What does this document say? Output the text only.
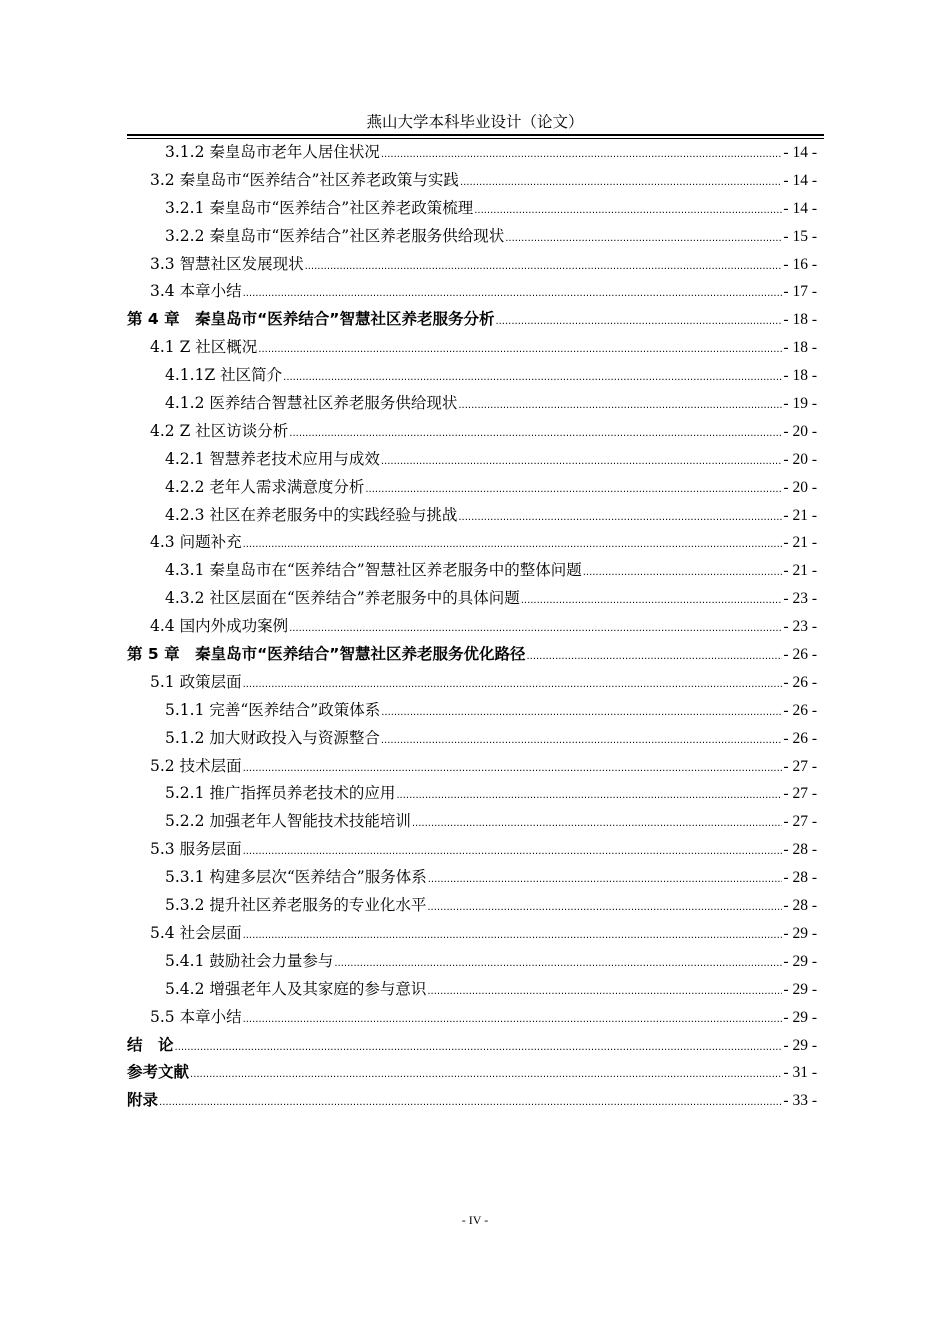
燕山大学本科毕业设计（论文）
3.1.2 秦皇岛市老年人居住状况 .....	- 14 -
3.2 秦皇岛市“医养结合”社区养老政策与实践 .....	- 14 -
3.2.1 秦皇岛市“医养结合”社区养老政策梳理 .....	- 14 -
3.2.2 秦皇岛市“医养结合”社区养老服务供给现状 .....	- 15 -
3.3 智慧社区发展现状 .....	- 16 -
3.4 本章小结 .....	- 17 -
第 4 章　秦皇岛市“医养结合”智慧社区养老服务分析 .....	- 18 -
4.1 Z 社区概况 .....	- 18 -
4.1.1Z 社区简介 .....	- 18 -
4.1.2 医养结合智慧社区养老服务供给现状 .....	- 19 -
4.2 Z 社区访谈分析 .....	- 20 -
4.2.1 智慧养老技术应用与成效 .....	- 20 -
4.2.2 老年人需求满意度分析 .....	- 20 -
4.2.3 社区在养老服务中的实践经验与挑战 .....	- 21 -
4.3 问题补充 .....	- 21 -
4.3.1 秦皇岛市在“医养结合”智慧社区养老服务中的整体问题 .....	- 21 -
4.3.2 社区层面在“医养结合”养老服务中的具体问题 .....	- 23 -
4.4 国内外成功案例 .....	- 23 -
第 5 章　秦皇岛市“医养结合”智慧社区养老服务优化路径 .....	- 26 -
5.1 政策层面 .....	- 26 -
5.1.1 完善“医养结合”政策体系 .....	- 26 -
5.1.2 加大财政投入与资源整合 .....	- 26 -
5.2 技术层面 .....	- 27 -
5.2.1 推广指挥员养老技术的应用 .....	- 27 -
5.2.2 加强老年人智能技术技能培训 .....	- 27 -
5.3 服务层面 .....	- 28 -
5.3.1 构建多层次“医养结合”服务体系 .....	- 28 -
5.3.2 提升社区养老服务的专业化水平 .....	- 28 -
5.4 社会层面 .....	- 29 -
5.4.1 鼓励社会力量参与 .....	- 29 -
5.4.2 增强老年人及其家庭的参与意识 .....	- 29 -
5.5 本章小结 .....	- 29 -
结　论 .....	- 29 -
参考文献 .....	- 31 -
附录 .....	- 33 -
- IV -
